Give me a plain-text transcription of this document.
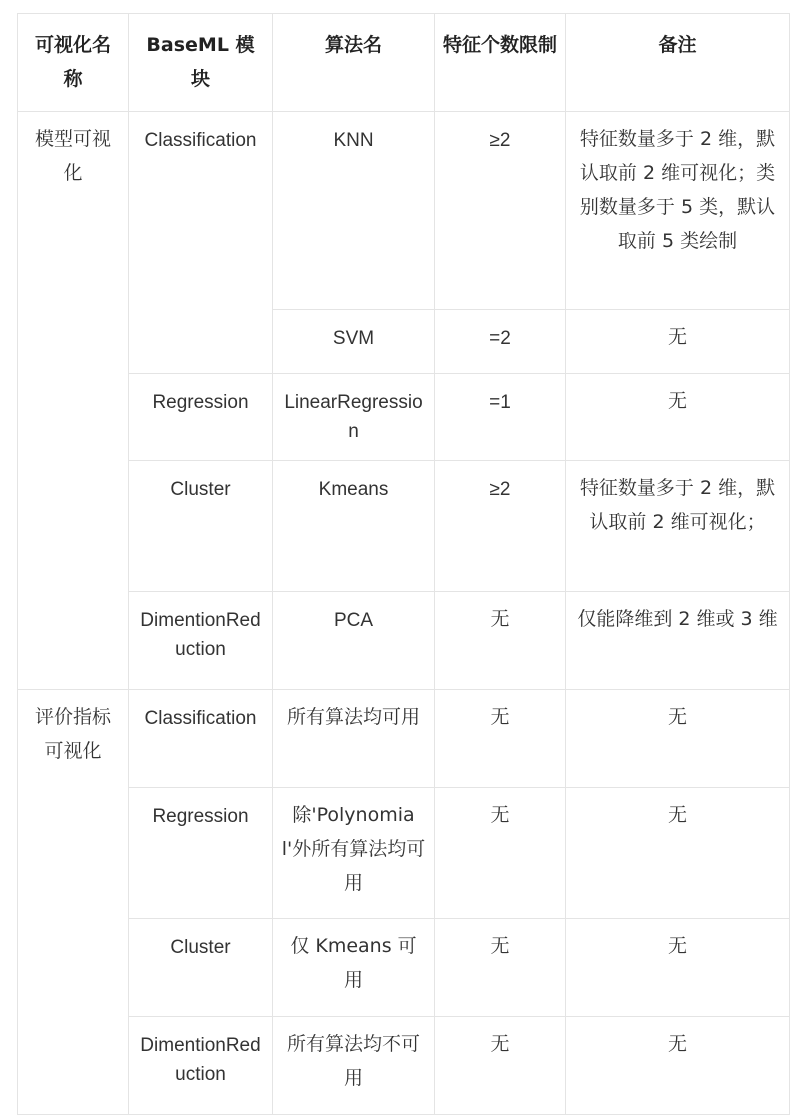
可视化名称	BaseML 模块	算法名	特征个数限制	备注
模型可视化	Classification	KNN	≥2	特征数量多于 2 维，默认取前 2 维可视化；类别数量多于 5 类，默认取前 5 类绘制
		SVM	=2	无
	Regression	LinearRegression	=1	无
	Cluster	Kmeans	≥2	特征数量多于 2 维，默认取前 2 维可视化；
	DimentionReduction	PCA	无	仅能降维到 2 维或 3 维
评价指标可视化	Classification	所有算法均可用	无	无
	Regression	除'Polynomial'外所有算法均可用	无	无
	Cluster	仅 Kmeans 可用	无	无
	DimentionReduction	所有算法均不可用	无	无
